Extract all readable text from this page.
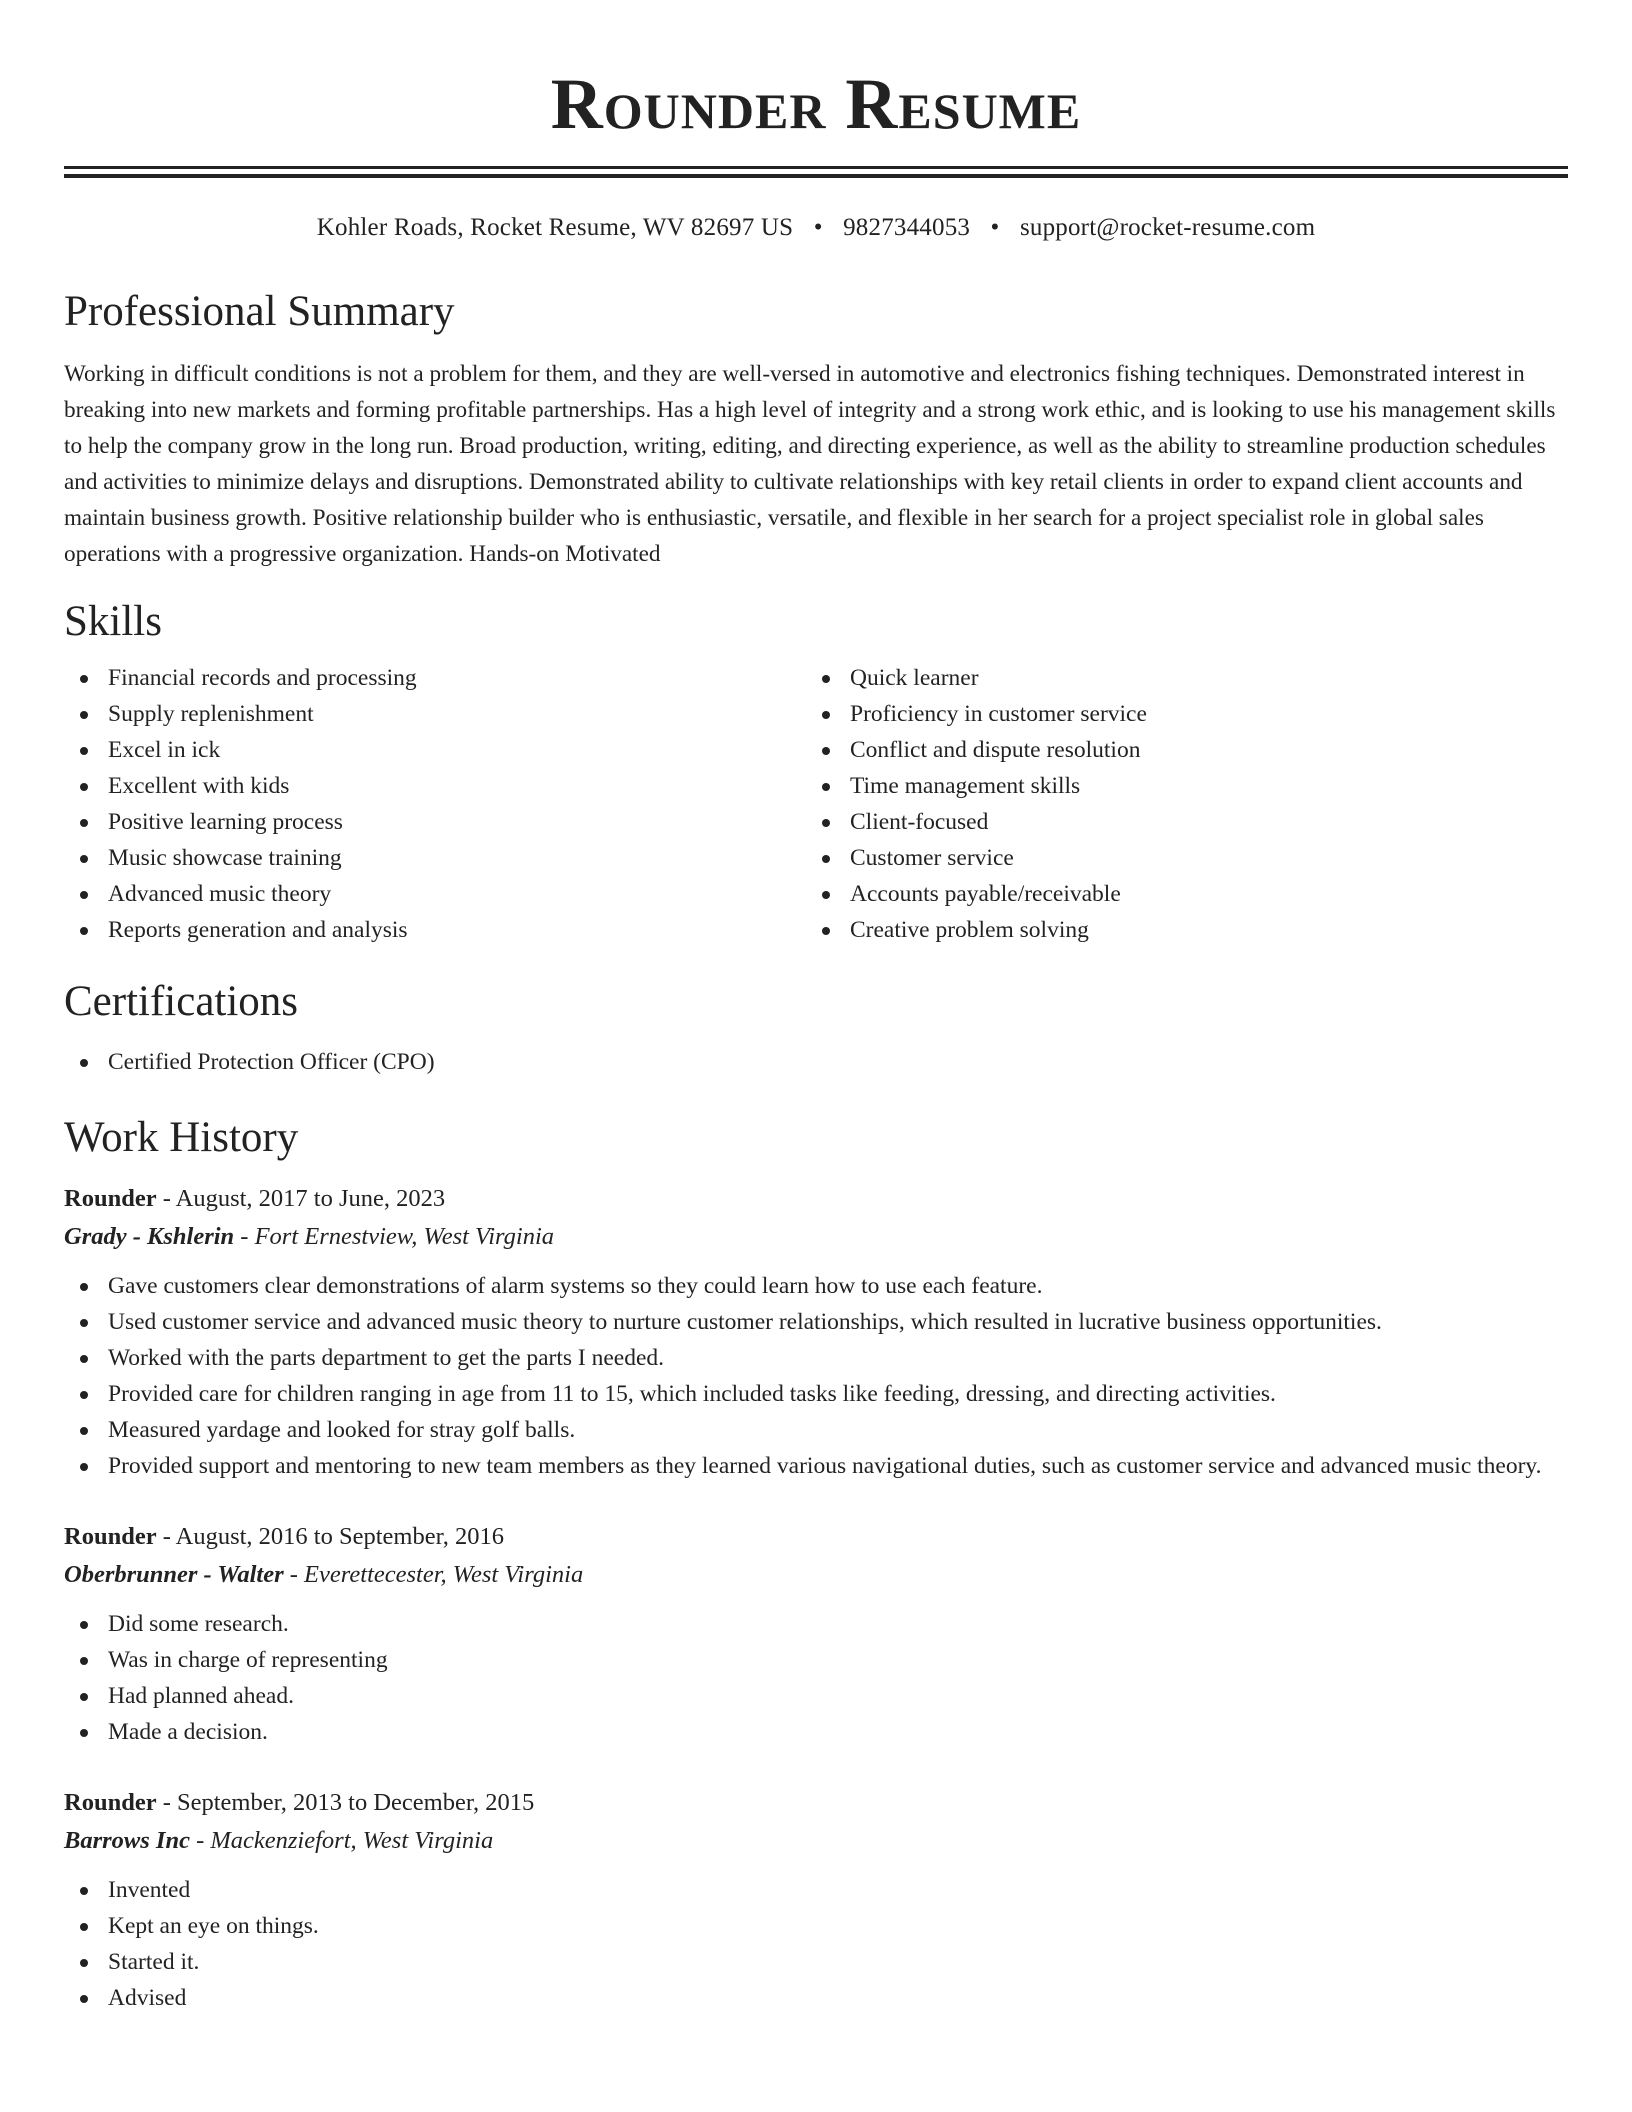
Rounder Resume
Kohler Roads, Rocket Resume, WV 82697 US • 9827344053 • support@rocket-resume.com
Professional Summary

Working in difficult conditions is not a problem for them, and they are well-versed in automotive and electronics fishing techniques. Demonstrated interest in breaking into new markets and forming profitable partnerships. Has a high level of integrity and a strong work ethic, and is looking to use his management skills to help the company grow in the long run. Broad production, writing, editing, and directing experience, as well as the ability to streamline production schedules and activities to minimize delays and disruptions. Demonstrated ability to cultivate relationships with key retail clients in order to expand client accounts and maintain business growth. Positive relationship builder who is enthusiastic, versatile, and flexible in her search for a project specialist role in global sales operations with a progressive organization. Hands-on Motivated

Skills
Financial records and processing
Supply replenishment
Excel in ick
Excellent with kids
Positive learning process
Music showcase training
Advanced music theory
Reports generation and analysis
Quick learner
Proficiency in customer service
Conflict and dispute resolution
Time management skills
Client-focused
Customer service
Accounts payable/receivable
Creative problem solving
Certifications
Certified Protection Officer (CPO)
Work History
Rounder - August, 2017 to June, 2023
Grady - Kshlerin - Fort Ernestview, West Virginia
Gave customers clear demonstrations of alarm systems so they could learn how to use each feature.
Used customer service and advanced music theory to nurture customer relationships, which resulted in lucrative business opportunities.
Worked with the parts department to get the parts I needed.
Provided care for children ranging in age from 11 to 15, which included tasks like feeding, dressing, and directing activities.
Measured yardage and looked for stray golf balls.
Provided support and mentoring to new team members as they learned various navigational duties, such as customer service and advanced music theory.
Rounder - August, 2016 to September, 2016
Oberbrunner - Walter - Everettecester, West Virginia
Did some research.
Was in charge of representing
Had planned ahead.
Made a decision.
Rounder - September, 2013 to December, 2015
Barrows Inc - Mackenziefort, West Virginia
Invented
Kept an eye on things.
Started it.
Advised
